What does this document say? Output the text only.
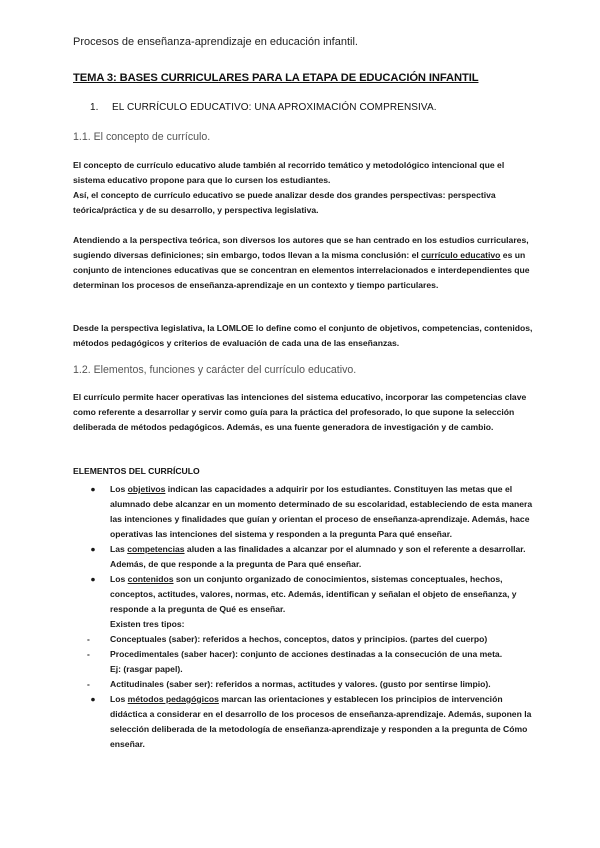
Procesos de enseñanza-aprendizaje en educación infantil.
TEMA 3: BASES CURRICULARES PARA LA ETAPA DE EDUCACIÓN INFANTIL
1. EL CURRÍCULO EDUCATIVO: UNA APROXIMACIÓN COMPRENSIVA.
1.1. El concepto de currículo.

El concepto de currículo educativo alude también al recorrido temático y metodológico intencional que el sistema educativo propone para que lo cursen los estudiantes.

Así, el concepto de currículo educativo se puede analizar desde dos grandes perspectivas: perspectiva teórica/práctica y de su desarrollo, y perspectiva legislativa.

Atendiendo a la perspectiva teórica, son diversos los autores que se han centrado en los estudios curriculares, sugiendo diversas definiciones; sin embargo, todos llevan a la misma conclusión: el currículo educativo es un conjunto de intenciones educativas que se concentran en elementos interrelacionados e interdependientes que determinan los procesos de enseñanza-aprendizaje en un contexto y tiempo particulares.

Desde la perspectiva legislativa, la LOMLOE lo define como el conjunto de objetivos, competencias, contenidos, métodos pedagógicos y criterios de evaluación de cada una de las enseñanzas.

1.2. Elementos, funciones y carácter del currículo educativo.

El currículo permite hacer operativas las intenciones del sistema educativo, incorporar las competencias clave como referente a desarrollar y servir como guía para la práctica del profesorado, lo que supone la selección deliberada de métodos pedagógicos. Además, es una fuente generadora de investigación y de cambio.

ELEMENTOS DEL CURRÍCULO
●	Los objetivos indican las capacidades a adquirir por los estudiantes. Constituyen las metas que el alumnado debe alcanzar en un momento determinado de su escolaridad, estableciendo de esta manera las intenciones y finalidades que guían y orientan el proceso de enseñanza-aprendizaje. Además, hace operativas las intenciones del sistema y responden a la pregunta Para qué enseñar.
●	Las competencias aluden a las finalidades a alcanzar por el alumnado y son el referente a desarrollar. Además, de que responde a la pregunta de Para qué enseñar.
●	Los contenidos son un conjunto organizado de conocimientos, sistemas conceptuales, hechos, conceptos, actitudes, valores, normas, etc. Además, identifican y señalan el objeto de enseñanza, y responde a la pregunta de Qué es enseñar.
Existen tres tipos:
-	Conceptuales (saber): referidos a hechos, conceptos, datos y principios. (partes del cuerpo)
-	Procedimentales (saber hacer): conjunto de acciones destinadas a la consecución de una meta.
Ej: (rasgar papel).
-	Actitudinales (saber ser): referidos a normas, actitudes y valores. (gusto por sentirse limpio).
●	Los métodos pedagógicos marcan las orientaciones y establecen los principios de intervención didáctica a considerar en el desarrollo de los procesos de enseñanza-aprendizaje. Además, suponen la selección deliberada de la metodología de enseñanza-aprendizaje y responden a la pregunta de Cómo enseñar.
